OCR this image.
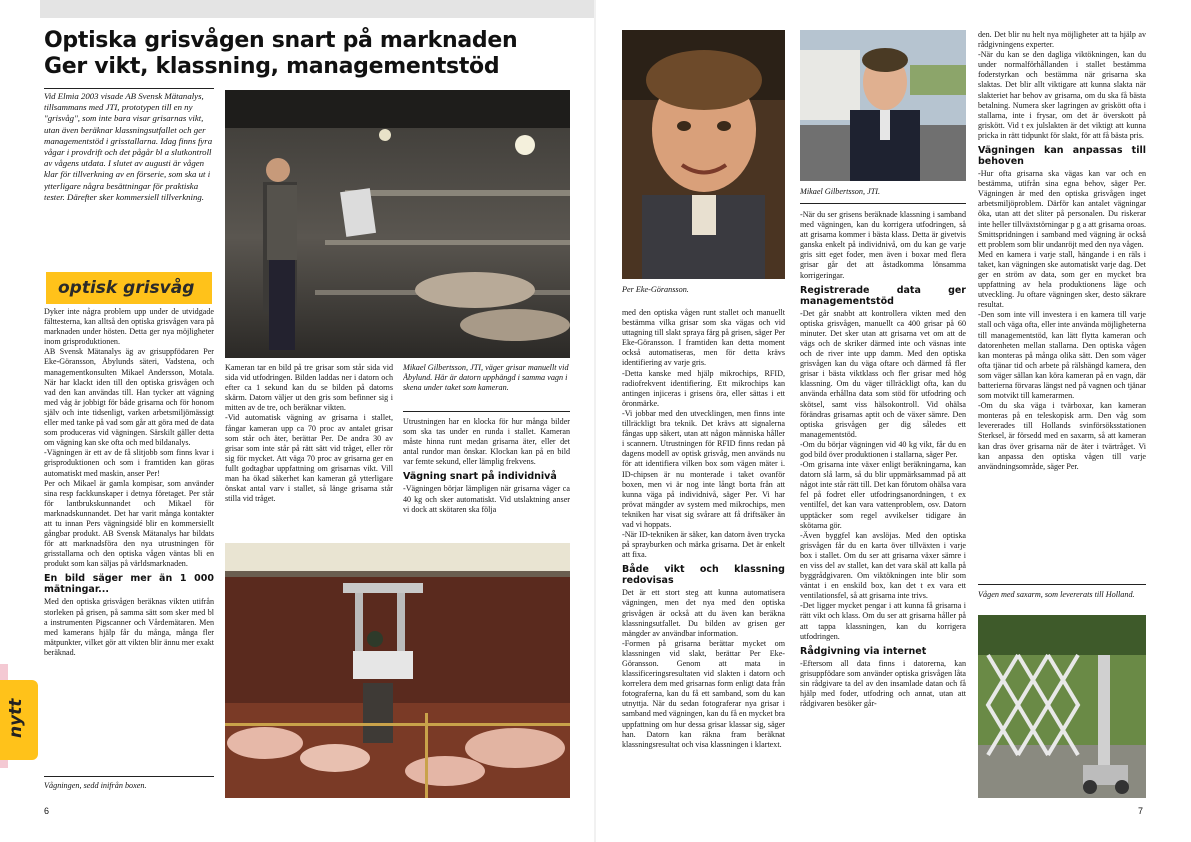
Optiska grisvågen snart på marknaden
Ger vikt, klassning, managementstöd
Vid Elmia 2003 visade AB Svensk Mätanalys, tillsammans med JTI, prototypen till en ny "grisvåg", som inte bara visar grisarnas vikt, utan även beräknar klassningsutfallet och ger managementstöd i grisstallarna. Idag finns fyra vågar i provdrift och det pågår bl a slutkontroll av vågens utdata. I slutet av augusti är vågen klar för tillverkning av en förserie, som ska ut i ytterligare några besättningar för praktiska tester. Därefter sker kommersiell tillverkning.
optisk grisvåg

Dyker inte några problem upp under de utvidgade fälttesterna, kan alltså den optiska grisvågen vara på marknaden under hösten. Detta ger nya möjligheter inom grisproduktionen.

AB Svensk Mätanalys äg av grisuppfödaren Per Eke-Göransson, Åbylunds säteri, Vadstena, och managementkonsulten Mikael Andersson, Motala. När har klackt iden till den optiska grisvågen och vad den kan användas till. Han tycker att vägning med våg är jobbigt för både grisarna och för honom själv och inte tidsenligt, varken arbetsmiljömässigt eller med tanke på vad som går att göra med de data som produceras vid vägningen. Särskilt gäller detta om vägning kan ske ofta och med bildanalys.

-Vägningen är ett av de få slitjobb som finns kvar i grisproduktionen och som i framtiden kan göras automatiskt med maskin, anser Per!

Per och Mikael är gamla kompisar, som använder sina resp fackkunskaper i detnya företaget. Per står för lantbrukskunnandet och Mikael för marknadskunnandet. Det har varit många kontakter att tu innan Pers vägningsidé blir en kommersiellt gångbar produkt. AB Svensk Mätanalys har bildats för att marknadsföra den nya utrustningen för grisstallarna och den optiska vågen väntas bli en produkt som kan säljas på världsmarknaden.

En bild säger mer än 1 000 mätningar...

Med den optiska grisvågen beräknas vikten utifrån storleken på grisen, på samma sätt som sker med bl a instrumenten Pigscanner och Vårdemätaren. Men med kamerans hjälp får du många, många fler mätpunkter, vilket gör att vikten blir ännu mer exakt beräknad.

Vågningen, sedd inifrån boxen.

Kameran tar en bild på tre grisar som står sida vid sida vid utfodringen. Bilden laddas ner i datorn och efter ca 1 sekund kan du se bilden på datorns skärm. Datorn väljer ut den gris som befinner sig i mitten av de tre, och beräknar vikten.

-Vid automatisk vägning av grisarna i stallet, fångar kameran upp ca 70 proc av antalet grisar som står och äter, berättar Per. De andra 30 av grisar som inte står på rätt sätt vid tråget, eller rör sig för mycket. Att väga 70 proc av grisarna ger en fullt godtagbar uppfattning om grisarnas vikt. Vill man ha ökad säkerhet kan kameran gå ytterligare önskat antal varv i stallet, så länge grisarna står stilla vid tråget.

Mikael Gilbertsson, JTI, väger grisar manuellt vid Åbylund. Här är datorn upphängd i samma vagn i skena under taket som kameran.

Utrustningen har en klocka för hur många bilder som ska tas under en runda i stallet. Kameran måste hinna runt medan grisarna äter, eller det antal rundor man önskar. Klockan kan på en bild var femte sekund, eller lämplig frekvens.

Vägning snart på individnivå

-Vägningen börjar lämpligen när grisarna väger ca 40 kg och sker automatiskt. Vid utslaktning anser vi dock att skötaren ska följa

6
nytt
Per Eke-Göransson.
Mikael Gilbertsson, JTI.

med den optiska vågen runt stallet och manuellt bestämma vilka grisar som ska vägas och vid uttagning till slakt spraya färg på grisen, säger Per Eke-Göransson. I framtiden kan detta moment också automatiseras, men för detta krävs identifiering av varje gris.

-Detta kanske med hjälp mikrochips, RFID, radiofrekvent identifiering. Ett mikrochips kan antingen injiceras i grisens öra, eller sättas i ett öronmärke.

-Vi jobbar med den utvecklingen, men finns inte tillräckligt bra teknik. Det krävs att signalerna fångas upp säkert, utan att någon människa håller i scannern. Utrustningen för RFID finns redan på dagens modell av optisk grisvåg, men används nu för att identifiera vilken box som vägen mäter i. ID-chipsen är nu monterade i taket ovanför boxen, men vi är nog inte långt borta från att kunna väga på individnivå, säger Per. Vi har prövat mängder av system med mikrochips, men tekniken har visat sig svårare att få driftsäker än vad vi hoppats.

-När ID-tekniken är säker, kan datorn även trycka på sprayburken och märka grisarna. Det är enkelt att fixa.

Både vikt och klassning redovisas

Det är ett stort steg att kunna automatisera vägningen, men det nya med den optiska grisvågen är också att du även kan beräkna klassningsutfallet. Du bilden av grisen ger mängder av användbar information.

-Formen på grisarna berättar mycket om klassningen vid slakt, berättar Per Eke-Göransson. Genom att mata in klassificeringsresultaten vid slakten i datorn och korrelera dem med grisarnas form enligt data från fotograferna, kan du få ett samband, som du kan utnyttja. När du sedan fotograferar nya grisar i samband med vägningen, kan du få en mycket bra uppfattning om hur dessa grisar klassar sig, säger han. Datorn kan räkna fram beräknat klassningsresultat och visa klassningen i klartext.

-När du ser grisens beräknade klassning i samband med vägningen, kan du korrigera utfodringen, så att grisarna kommer i bästa klass. Detta är givetvis ganska enkelt på individnivå, om du kan ge varje gris sitt eget foder, men även i boxar med flera grisar går det att åstadkomma lönsamma korrigeringar.

Registrerade data ger managementstöd

-Det går snabbt att kontrollera vikten med den optiska grisvågen, manuellt ca 400 grisar på 60 minuter. Det sker utan att grisarna vet om att de vägs och de skriker därmed inte och väsnas inte och de river inte upp damm. Med den optiska grisvågen kan du väga oftare och därmed få fler grisar i bästa viktklass och fler grisar med hög klassning. Om du väger tillräckligt ofta, kan du använda erhållna data som stöd för utfodring och skötsel, samt viss hälsokontroll. Vid ohälsa förändras grisarnas aptit och de växer sämre. Den optiska grisvågen ger dig således ett managementstöd.

-Om du börjar vägningen vid 40 kg vikt, får du en god bild över produktionen i stallarna, säger Per.

-Om grisarna inte växer enligt beräkningarna, kan datorn slå larm, så du blir uppmärksammad på att något inte står rätt till. Det kan förutom ohälsa vara fel på fodret eller utfodringsanordningen, t ex ventilfel, det kan vara vattenproblem, osv. Datorn upptäcker som regel avvikelser tidigare än skötarna gör.

-Även byggfel kan avslöjas. Med den optiska grisvågen får du en karta över tillväxten i varje box i stallet. Om du ser att grisarna växer sämre i en viss del av stallet, kan det vara skäl att kalla på byggrådgivaren. Om viktökningen inte blir som väntat i en enskild box, kan det t ex vara ett ventilationsfel, så att grisarna inte trivs.

-Det ligger mycket pengar i att kunna få grisarna i rätt vikt och klass. Om du ser att grisarna håller på att tappa klassningen, kan du korrigera utfodringen.

Rådgivning via internet

-Eftersom all data finns i datorerna, kan grisuppfödare som använder optiska grisvågen låta sin rådgivare ta del av den insamlade datan och få hjälp med foder, utfodring och annat, utan att rådgivaren besöker går-

den. Det blir nu helt nya möjligheter att ta hjälp av rådgivningens experter.

-När du kan se den dagliga viktökningen, kan du under normalförhållanden i stallet bestämma foderstyrkan och bestämma när grisarna ska slaktas. Det blir allt viktigare att kunna slakta när slakteriet har behov av grisarna, om du ska få bästa betalning. Numera sker lagringen av griskött ofta i stallarna, inte i frysar, om det är överskott på griskött. Vid t ex julslakten är det viktigt att kunna pricka in rätt tidpunkt för slakt, för att få bästa pris.

Vägningen kan anpassas till behoven

-Hur ofta grisarna ska vägas kan var och en bestämma, utifrån sina egna behov, säger Per. Vägningen är med den optiska grisvågen inget arbetsmiljöproblem. Därför kan antalet vägningar öka, utan att det sliter på personalen. Du riskerar inte heller tillväxtstörningar p g a att grisarna oroas. Smittspridningen i samband med vägning är också ett problem som blir undanröjt med den nya vågen.

Med en kamera i varje stall, hängande i en räls i taket, kan vägningen ske automatiskt varje dag. Det ger en ström av data, som ger en mycket bra uppfattning av hela produktionens läge och utveckling. Ju oftare vägningen sker, desto säkrare resultat.

-Den som inte vill investera i en kamera till varje stall och väga ofta, eller inte använda möjligheterna till managementstöd, kan lätt flytta kameran och datorenheten mellan stallarna. Den optiska vågen kan monteras på många olika sätt. Den som väger ofta tjänar tid och arbete på rälshängd kamera, den som väger sällan kan köra kameran på en vagn, där batterierna förvaras längst ned på vagnen och tjänar som motvikt till kamerarmen.

-Om du ska väga i tvärboxar, kan kameran monteras på en teleskopisk arm. Den våg som levererades till Hollands svinförsöksstationen Sterksel, är försedd med en saxarm, så att kameran kan dras över grisarna när de äter i tvärtråget. Vi kan anpassa den optiska vågen till varje användningsområde, säger Per.

Vågen med saxarm, som levererats till Holland.
7
